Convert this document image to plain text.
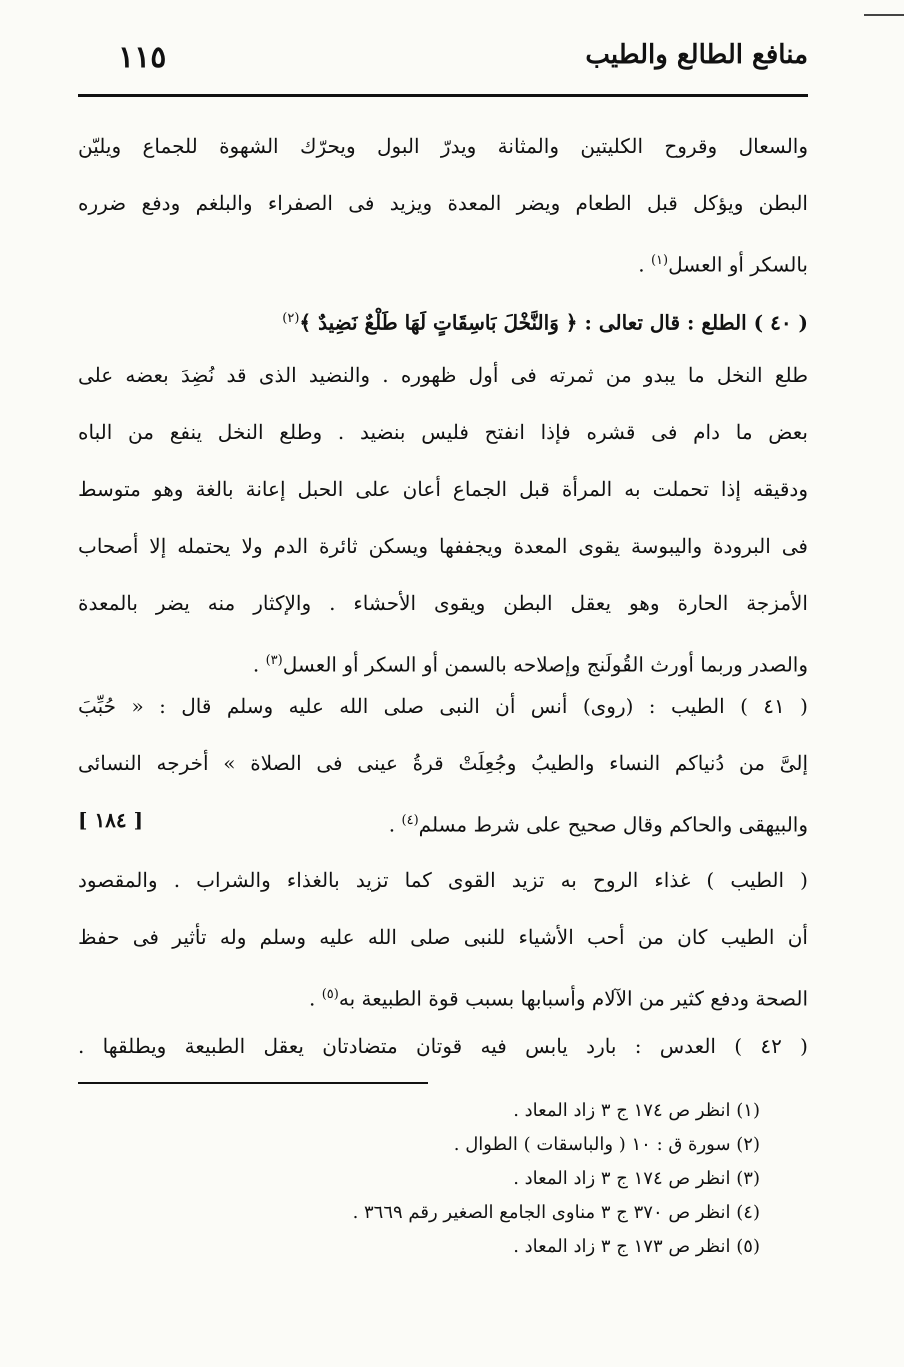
١١٥	منافع الطالع والطيب
والسعال وقروح الكليتين والمثانة ويدرّ البول ويحرّك الشهوة للجماع ويليّن
البطن ويؤكل قبل الطعام ويضر المعدة ويزيد فى الصفراء والبلغم ودفع ضرره
بالسكر أو العسل$^{(١)}$ .
( ٤٠ ) الطلع : قال تعالى : ﴿ وَالنَّخْلَ بَاسِقَاتٍ لَهَا طَلْعٌ نَضِيدٌ ﴾$^{(٢)}$
طلع النخل ما يبدو من ثمرته فى أول ظهوره . والنضيد الذى قد نُضِدَ بعضه على
بعض ما دام فى قشره فإذا انفتح فليس بنضيد . وطلع النخل ينفع من الباه
ودقيقه إذا تحملت به المرأة قبل الجماع أعان على الحبل إعانة بالغة وهو متوسط
فى البرودة واليبوسة يقوى المعدة ويجففها ويسكن ثائرة الدم ولا يحتمله إلا أصحاب
الأمزجة الحارة وهو يعقل البطن ويقوى الأحشاء . والإكثار منه يضر بالمعدة
والصدر وربما أورث القُولَنج وإصلاحه بالسمن أو السكر أو العسل$^{(٣)}$ .
( ٤١ ) الطيب : (روى) أنس أن النبى صلى الله عليه وسلم قال : « حُبِّبَ
إلىَّ من دُنياكم النساء والطيبُ وجُعِلَتْ قرةُ عينى فى الصلاة » أخرجه النسائى
والبيهقى والحاكم وقال صحيح على شرط مسلم$^{(٤)}$ .
[ ١٨٤ ]
( الطيب ) غذاء الروح به تزيد القوى كما تزيد بالغذاء والشراب . والمقصود
أن الطيب كان من أحب الأشياء للنبى صلى الله عليه وسلم وله تأثير فى حفظ
الصحة ودفع كثير من الآلام وأسبابها بسبب قوة الطبيعة به$^{(٥)}$ .
( ٤٢ ) العدس : بارد يابس فيه قوتان متضادتان يعقل الطبيعة ويطلقها .
(١) انظر ص ١٧٤ ج ٣ زاد المعاد .
(٢) سورة ق : ١٠ ( والباسقات ) الطوال .
(٣) انظر ص ١٧٤ ج ٣ زاد المعاد .
(٤) انظر ص ٣٧٠ ج ٣ مناوى الجامع الصغير رقم ٣٦٦٩ .
(٥) انظر ص ١٧٣ ج ٣ زاد المعاد .
